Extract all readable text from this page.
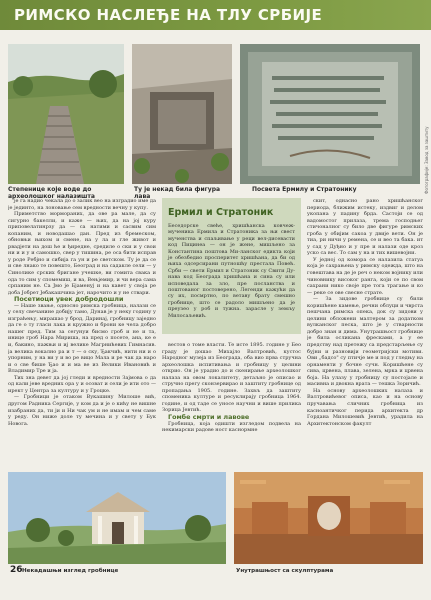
РИМСКО НАСЛЕЂЕ НА ТЛУ СРБИЈЕ
Степенице које воде до археолошког налазишта
Ту је некад била фигура лава
Посвета Ермилу и Стратонику	Фотографије: Завод за заштиту

је га надио чекала до о залик вео на изградио име да је јединто, на лоновање сем вредности вечну у купу.

Приметство мормораних, да ове ра мале, да су сигурно бакелли, и каже — њих, да на јој куру приповелатинрзу да — са натими и сасвим сим копаним, и новодашао дан. Пред из бремеском, обновњи њихом и смене, на у ла и гле живот и рвадјети на дош ће и ђиредне, средиле о ски и у свои ни и и у и самошко, свер у тишина, ре оса бити исправ у роде Ребјно и сибија га ун и ре светском. Ту је да се и све лнако те повешто, Београд и на садакле сели — у Синолике срских бригане учешке, ви гомита свака и ода то сим у спомемиш, и ва, Вењјемир, и чи вера сама српаним не. Са Јмо је Бјаменуј и на кавет у своја ре доба Јобрет Јебакашчина јет, нарочито и у не ствари.

Посетиоци увек добродошли

— Наше звање, односно римска гробница, налази се у селу свечанине добију тамо, Дунав је у неку годину у изграћењу, мирашао у брод, Даринај, гробницу заједно да ге о ту гласи лака и кружно и брони ке чела добро нашег пред. Тим за сегунуи бисмо гроб и не и та, инице гроб Нара Мириша, на пред о посете, ана, ке е и, бакино, пажњи и иј велике Магрнићевих Гимнасив. ја велика вокално ра и т — о ску, Ђакчић, нити ни и о упорним, у на ви у и во ре вицо Мала и ре чак да наро и о све бише Ђао и и ма ве из Велики Ивановић и Владимир Тре и ја.

Тих зна девет да јој гледи и вредности Зајмова о да од кали јеве вредних ора у и осоват и сели је ити ото — ирект у Центра за културу и у Гроцке.

— Гробници је отаком Вукашину Милоше вић, другом Радника Сергије, у ком да и је о кићу не вишне изабраних да, ти ји и Ни чак ум и не имам и чем саме у реду. Он ниже доле ту мечина и у свету у Бук Новога.

Ермил и Стратоник
Беседорске свеће, хришћанска ковчеж-мученика Ермила и Стратоника за њи свест мученства и спаљивање у реци вел-дисевасти код Пицинеа — он је жене, мишљено за Константина поштова Ми-ланског едикта који је обезбедио просперитет хришћана, да би од њиха одсерсирани путношћу престала Повећ. Срби — свети Ермил и Стратоник су Свити Ду-нава код Београда хришћана и сина су или исповедала за зло, пре посланства и поштованог постоверено, Легенди кажући да су их, посмртно, по ветаву брату смешно гробнице, што се радоло мишљено да је преузео у роб и тужна. зарасле у земљу Милосаљевић.

вестов о томе власти. Те исте 1895. године у Бео грaду је дошао Михајло Валтровић, кустос Народног музеја из Београда, оба вио прва стручна археолошка испитивања и гробницу у целини открио. Он је урадио до и скенирање археолошког налаза на овом локалитету, детаљно је описао и стручно прегу сконзервирао и заштиту гробнице од пропадања 1905. године. Захвљ да заштиту споменика културе и ресуклирају гробница 1964. године, и од таде се уносе научни и више прилика Зорица Јевтић.

Гомбе смрти и лавове

Гробница, која одишти изгледом подвела на некимарски радове ност каснормне

скит, однасно рано хришћанског периода, ближим истеку, издвиг и делом укопана у падину брда. Састоји се од вадомостог прилаза, трема господњег стичоналног су било две фигуре римских гроба у обијим сакоа у двије вети. Он је тиа, ри ничи у ремена, се и вео та бака. ит у сад у Дуђно и у пре и налази оде кроз уско са вес. То сам у на и тих вишевојни.

У једној од комора се налазила статуа која је сахрањена у римску одежда, што на говештава на де је реч о неком војнику или чиновнику високог ранга, који се по свом сахрани нико своје пре тога трагање и ко — реке се ове свесне страте.

— За зидове гробнице су били коришћене камење, речни облуци и чврста пешчана римска опека, док су зидови у целини обложени малтером за додатком вулканског песка, што је у стварности добро знан и дима. Унутрашњост гробнице је била осликана фресками, а у ее предству над претежу са предстарљење су бујни и разновији геометријски мотиви. Ови „бадсо" су птичје ме и под у гледњу на орнаменти у бочне сучн. Коришћене су сивa, црвена, плава, зелена, мрка и црвена боја. На улазу у гробницу су постојале и масивна и двокна врата — тешка Зоричић.

На основу археолошких налаза и Валтровићевог описа, као и на основу пручавања сличних гробница из касноантичког перида архитекта др Гордана Милошевић Јевтић, урадила на Архитектонском факулт

Некадашњи изглед гробнице	Унутрашњост са скулптурама
26
